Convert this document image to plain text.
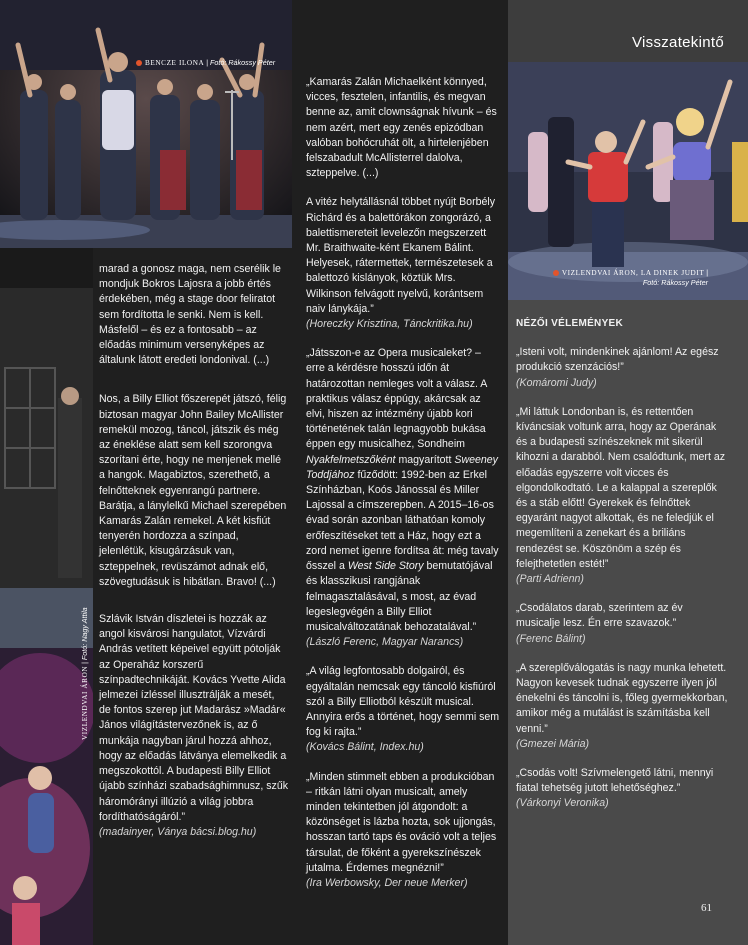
Visszatekintő
BENCZE ILONA | Fotó: Rákossy Péter
VIZLENDVAI ÁRON | Fotó: Nagy Attila
VIZLENDVAI ÁRON, LA DINEK JUDIT | Fotó: Rákossy Péter

marad a gonosz maga, nem cserélik le mondjuk Bokros Lajosra a jobb értés érdekében, még a stage door feliratot sem fordította le senki. Nem is kell. Másfelől – és ez a fontosabb – az előadás minimum versenyképes az általunk látott eredeti londonival. (...)

Nos, a Billy Elliot főszerepét játszó, félig biztosan magyar John Bailey McAllister remekül mozog, táncol, játszik és még az éneklése alatt sem kell szorongva szorítani érte, hogy ne menjenek mellé a hangok. Magabiztos, szerethető, a felnőtteknek egyenrangú partnere. Barátja, a lánylelkű Michael szerepében Kamarás Zalán remekel. A két kisfiút tenyerén hordozza a színpad, jelenlétük, kisugárzásuk van, szteppelnek, revüszámot adnak elő, szövegtudásuk is hibátlan. Bravo! (...)

Szlávik István díszletei is hozzák az angol kisvárosi hangulatot, Vízvárdi András vetített képeivel együtt pótolják az Operaház korszerű színpadtechnikáját. Kovács Yvette Alida jelmezei ízléssel illusztrálják a mesét, de fontos szerep jut Madarász »Madár« János világítástervezőnek is, az ő munkája nagyban járul hozzá ahhoz, hogy az előadás látványa elemelkedik a megszokottól. A budapesti Billy Elliot újabb színházi szabadsághimnusz, szűk háromórányi illúzió a világ jobbra fordíthatóságáról.”
(madainyer, Ványa bácsi.blog.hu)

„Kamarás Zalán Michaelként könnyed, vicces, fesztelen, infantilis, és megvan benne az, amit clownságnak hívunk – és nem azért, mert egy zenés epizódban valóban bohócruhát ölt, a hirtelenjében felszabadult McAllisterrel dalolva, szteppelve. (...)

A vitéz helytállásnál többet nyújt Borbély Richárd és a balettórákon zongorázó, a balettismereteit levelezőn megszerzett Mr. Braithwaite-ként Ekanem Bálint. Helyesek, rátermettek, természetesek a balettozó kislányok, köztük Mrs. Wilkinson felvágott nyelvű, korántsem naiv lánykája.”
(Horeczky Krisztina, Tánckritika.hu)

„Játsszon-e az Opera musicaleket? – erre a kérdésre hosszú időn át határozottan nemleges volt a válasz. A praktikus válasz éppúgy, akárcsak az elvi, hiszen az intézmény újabb kori történetének talán legnagyobb bukása éppen egy musicalhez, Sondheim Nyakfelmetszőként magyarított Sweeney Toddjához fűződött: 1992-ben az Erkel Színházban, Koós Jánossal és Miller Lajossal a címszerepben. A 2015–16-os évad során azonban láthatóan komoly erőfeszítéseket tett a Ház, hogy ezt a zord nemet igenre fordítsa át: még tavaly ősszel a West Side Story bemutatójával és klasszikusi rangjának felmagasztalásával, s most, az évad legeslegvégén a Billy Elliot musicalváltozatának behozatalával.”
(László Ferenc, Magyar Narancs)

„A világ legfontosabb dolgairól, és egyáltalán nemcsak egy táncoló kisfiúról szól a Billy Elliotból készült musical. Annyira erős a történet, hogy semmi sem fog ki rajta.”
(Kovács Bálint, Index.hu)

„Minden stimmelt ebben a produkcióban – ritkán látni olyan musicalt, amely minden tekintetben jól átgondolt: a közönséget is lázba hozta, sok ujjongás, hosszan tartó taps és ováció volt a teljes társulat, de főként a gyerekszínészek jutalma. Érdemes megnézni!”
(Ira Werbowsky, Der neue Merker)

NÉZŐI VÉLEMÉNYEK

„Isteni volt, mindenkinek ajánlom! Az egész produkció szenzációs!”
(Komáromi Judy)

„Mi láttuk Londonban is, és rettentően kíváncsiak voltunk arra, hogy az Operának és a budapesti színészeknek mit sikerül kihozni a darabból. Nem csalódtunk, mert az előadás egyszerre volt vicces és elgondolkodtató. Le a kalappal a szereplők és a stáb előtt! Gyerekek és felnőttek egyaránt nagyot alkottak, és ne feledjük el megemlíteni a zenekart és a briliáns rendezést se. Köszönöm a szép és felejthetetlen estét!”
(Parti Adrienn)

„Csodálatos darab, szerintem az év musicalje lesz. Én erre szavazok.”
(Ferenc Bálint)

„A szereplőválogatás is nagy munka lehetett. Nagyon kevesek tudnak egyszerre ilyen jól énekelni és táncolni is, főleg gyermekkorban, amikor még a mutálást is számításba kell venni.”
(Gmezei Mária)

„Csodás volt! Szívmelengető látni, mennyi fiatal tehetség jutott lehetőséghez.”
(Várkonyi Veronika)

61
